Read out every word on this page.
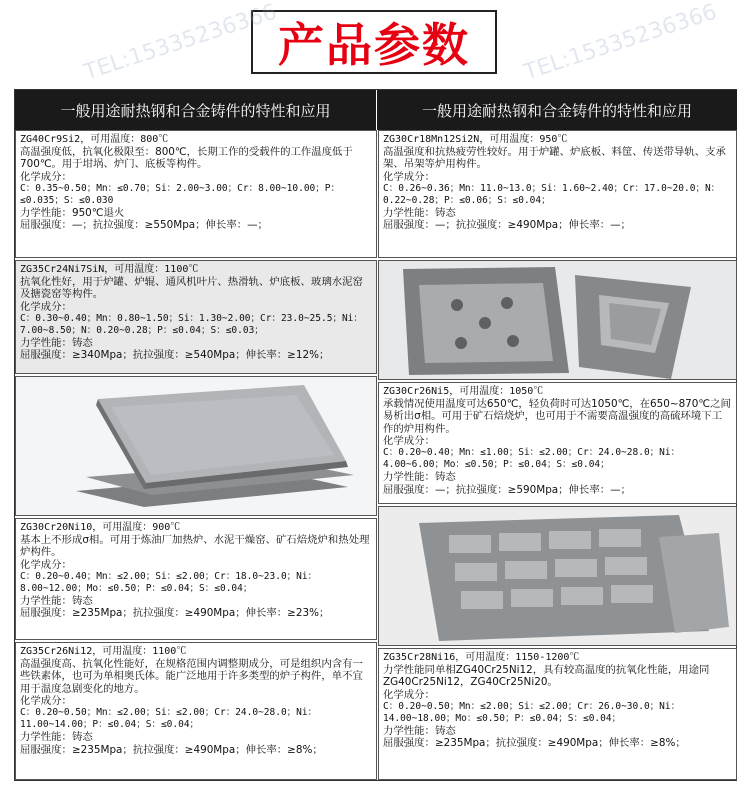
产品参数
TEL:15335236366	TEL:15335236366
一般用途耐热钢和合金铸件的特性和应用	一般用途耐热钢和合金铸件的特性和应用
ZG40Cr9Si2，可用温度：800℃
高温强度低，抗氧化极限至：800℃，长期工作的受载件的工作温度低于700℃。用于坩埚、炉门、底板等构件。
化学成分：
C：0.35~0.50；Mn：≤0.70；Si：2.00~3.00；Cr：8.00~10.00；P：≤0.035；S：≤0.030
力学性能：950℃退火
屈服强度：—；抗拉强度：≥550Mpa；伸长率：—；
ZG35Cr24Ni7SiN，可用温度：1100℃
抗氧化性好，用于炉罐、炉辊、通风机叶片、热滑轨、炉底板、玻璃水泥窑及搪瓷窑等构件。
化学成分：
C：0.30~0.40；Mn：0.80~1.50；Si：1.30~2.00；Cr：23.0~25.5；Ni：7.00~8.50；N：0.20~0.28；P：≤0.04；S：≤0.03；
力学性能：铸态
屈服强度：≥340Mpa；抗拉强度：≥540Mpa；伸长率：≥12%；
ZG30Cr20Ni10，可用温度：900℃
基本上不形成σ相。可用于炼油厂加热炉、水泥干燥窑、矿石焙烧炉和热处理炉构件。
化学成分：
C：0.20~0.40；Mn：≤2.00；Si：≤2.00；Cr：18.0~23.0；Ni：8.00~12.00；Mo：≤0.50；P：≤0.04；S：≤0.04；
力学性能：铸态
屈服强度：≥235Mpa；抗拉强度：≥490Mpa；伸长率：≥23%；
ZG35Cr26Ni12，可用温度：1100℃
高温强度高、抗氧化性能好，在规格范围内调整期成分，可是组织内含有一些铁素体，也可为单相奥氏体。能广泛地用于许多类型的炉子构件，单不宜用于温度急剧变化的地方。
化学成分：
C：0.20~0.50；Mn：≤2.00；Si：≤2.00；Cr：24.0~28.0；Ni：11.00~14.00；P：≤0.04；S：≤0.04；
力学性能：铸态
屈服强度：≥235Mpa；抗拉强度：≥490Mpa；伸长率：≥8%；
ZG30Cr18Mn12Si2N，可用温度：950℃
高温强度和抗热疲劳性较好。用于炉罐、炉底板、料筐、传送带导轨、支承架、吊架等炉用构件。
化学成分：
C：0.26~0.36；Mn：11.0~13.0；Si：1.60~2.40；Cr：17.0~20.0；N：0.22~0.28；P：≤0.06；S：≤0.04；
力学性能：铸态
屈服强度：—；抗拉强度：≥490Mpa；伸长率：—；
ZG30Cr26Ni5，可用温度：1050℃
承载情况使用温度可达650℃，轻负荷时可达1050℃，在650~870℃之间易析出σ相。可用于矿石焙烧炉，也可用于不需要高温强度的高硫环境下工作的炉用构件。
化学成分：
C：0.20~0.40；Mn：≤1.00；Si：≤2.00；Cr：24.0~28.0；Ni：4.00~6.00；Mo：≤0.50；P：≤0.04；S：≤0.04；
力学性能：铸态
屈服强度：—；抗拉强度：≥590Mpa；伸长率：—；
ZG35Cr28Ni16，可用温度：1150-1200℃
力学性能同单相ZG40Cr25Ni12，具有较高温度的抗氧化性能，用途同ZG40Cr25Ni12，ZG40Cr25Ni20。
化学成分：
C：0.20~0.50；Mn：≤2.00；Si：≤2.00；Cr：26.0~30.0；Ni：14.00~18.00；Mo：≤0.50；P：≤0.04；S：≤0.04；
力学性能：铸态
屈服强度：≥235Mpa；抗拉强度：≥490Mpa；伸长率：≥8%；
